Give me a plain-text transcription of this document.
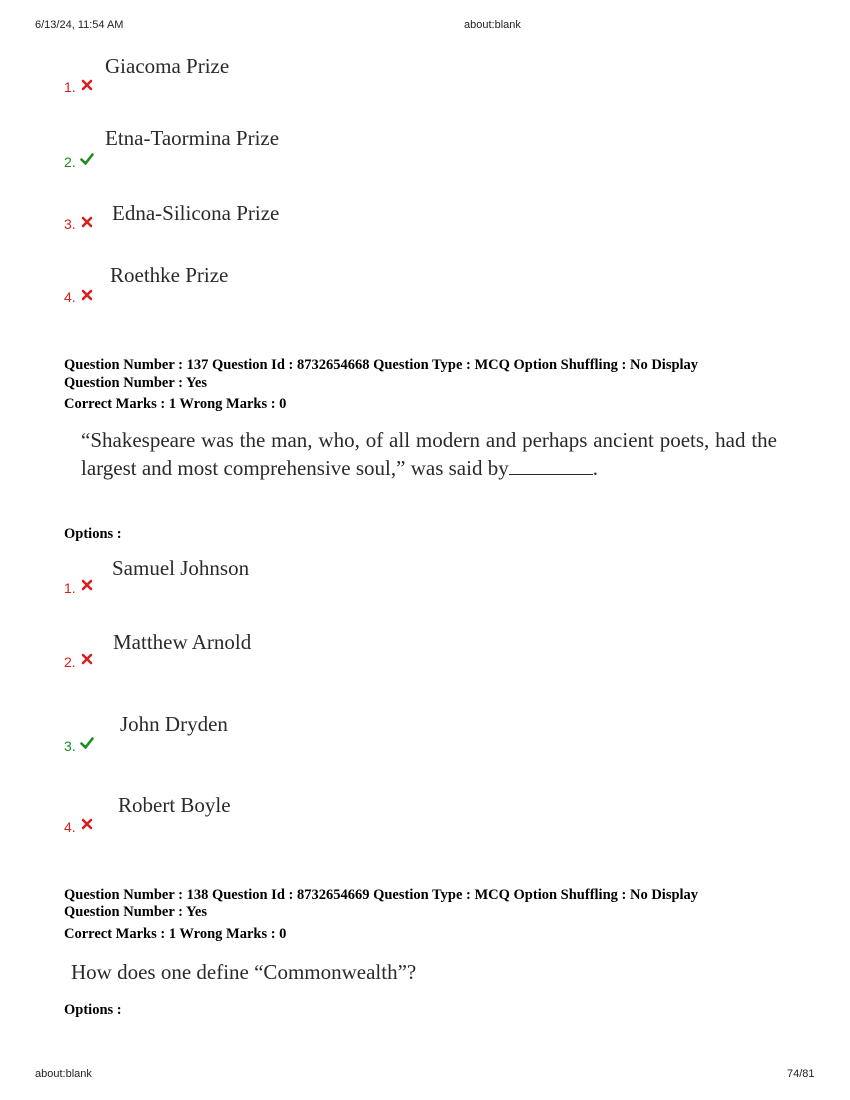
6/13/24, 11:54 AM	about:blank
about:blank	74/81
Giacoma Prize
1.
Etna-Taormina Prize
2.
Edna-Silicona Prize
3.
Roethke Prize
4.
Question Number : 137 Question Id : 8732654668 Question Type : MCQ Option Shuffling : No Display
Question Number : Yes
Correct Marks : 1 Wrong Marks : 0
“Shakespeare was the man, who, of all modern and perhaps ancient poets, had the largest and most comprehensive soul,” was said by	.
Options :
Samuel Johnson
1.
Matthew Arnold
2.
John Dryden
3.
Robert Boyle
4.
Question Number : 138 Question Id : 8732654669 Question Type : MCQ Option Shuffling : No Display
Question Number : Yes
Correct Marks : 1 Wrong Marks : 0
How does one define “Commonwealth”?
Options :
